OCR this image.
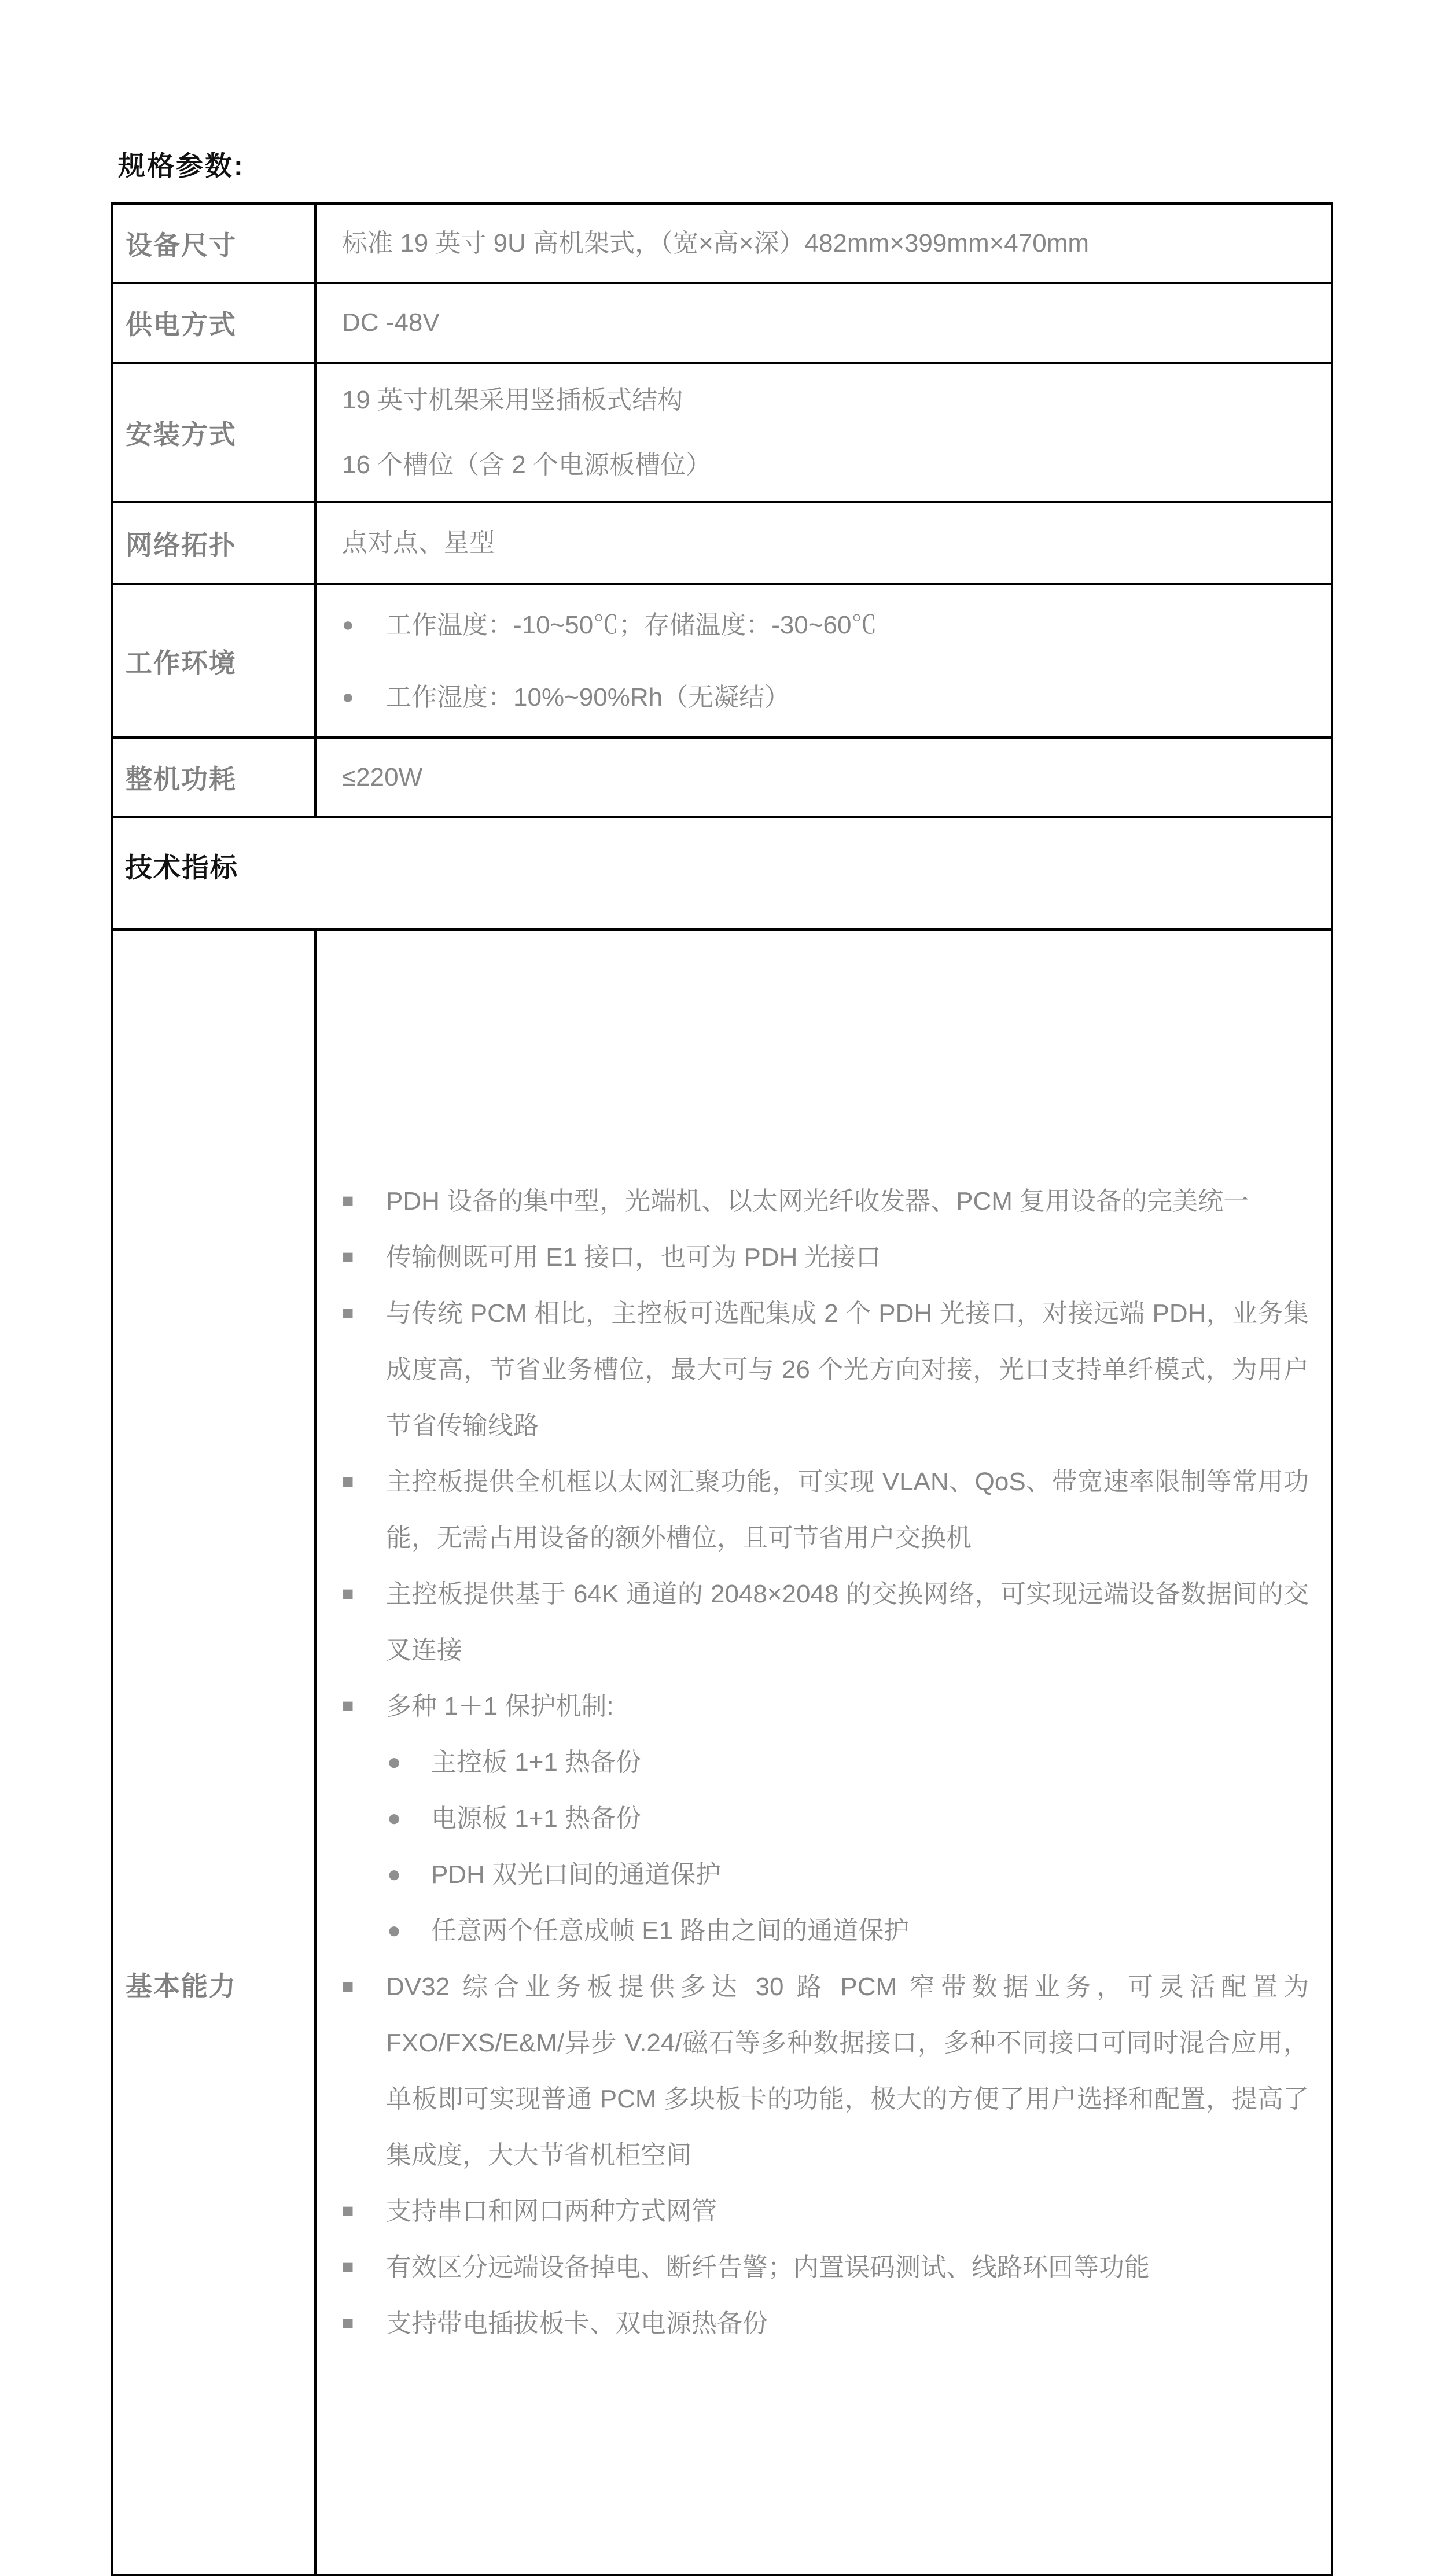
规格参数:
设备尺寸	标准 19 英寸 9U 高机架式，（宽×高×深）482mm×399mm×470mm

供电方式	DC -48V

安装方式	19 英寸机架采用竖插板式结构
16 个槽位（含 2 个电源板槽位）

网络拓扑	点对点、星型

工作环境	● 工作温度：-10~50℃；存储温度：-30~60℃
● 工作湿度：10%~90%Rh（无凝结）

整机功耗	≤220W

技术指标	

基本能力

■	PDH 设备的集中型，光端机、以太网光纤收发器、PCM 复用设备的完美统一
■	传输侧既可用 E1 接口，也可为 PDH 光接口
■	与传统 PCM 相比，主控板可选配集成 2 个 PDH 光接口，对接远端 PDH，业务集成度高，节省业务槽位，最大可与 26 个光方向对接，光口支持单纤模式，为用户节省传输线路
■	主控板提供全机框以太网汇聚功能，可实现 VLAN、QoS、带宽速率限制等常用功能，无需占用设备的额外槽位，且可节省用户交换机
■	主控板提供基于 64K 通道的 2048×2048 的交换网络，可实现远端设备数据间的交叉连接
■	多种 1＋1 保护机制:
●	主控板 1+1 热备份
●	电源板 1+1 热备份
●	PDH 双光口间的通道保护
●	任意两个任意成帧 E1 路由之间的通道保护
■	DV32 综合业务板提供多达 30 路 PCM 窄带数据业务，可灵活配置为 FXO/FXS/E&M/异步 V.24/磁石等多种数据接口，多种不同接口可同时混合应用，单板即可实现普通 PCM 多块板卡的功能，极大的方便了用户选择和配置，提高了集成度，大大节省机柜空间
■	支持串口和网口两种方式网管
■	有效区分远端设备掉电、断纤告警；内置误码测试、线路环回等功能
■	支持带电插拔板卡、双电源热备份
